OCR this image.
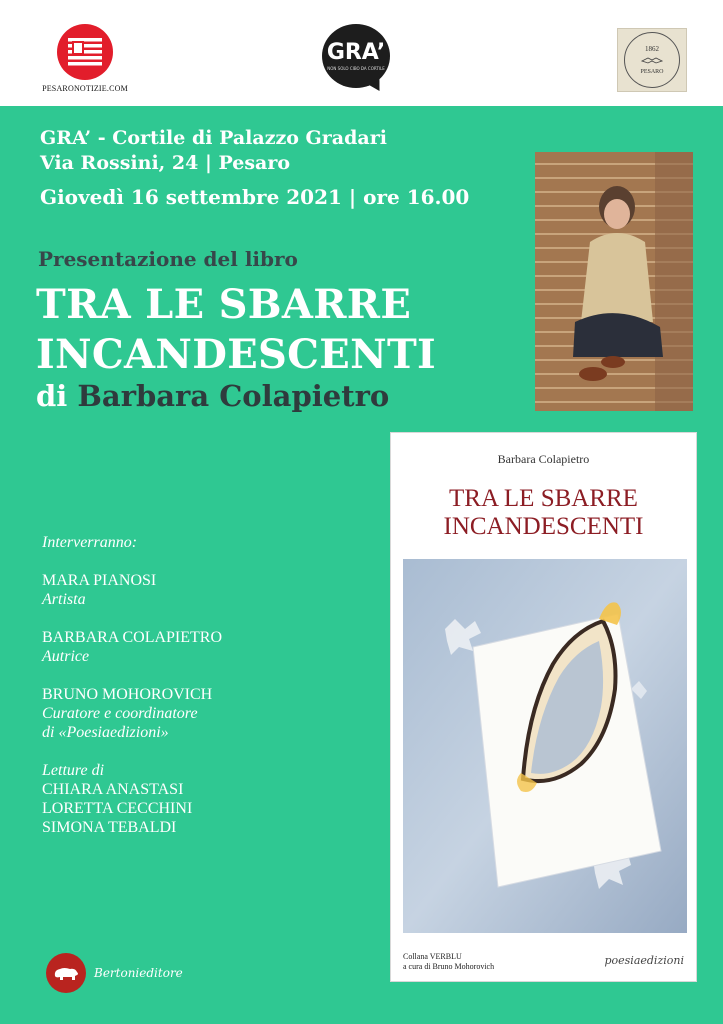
PESARONOTIZIE.COM
GRA’
NON SOLO CIBO DA CORTILE
1862
PESARO
GRA’ - Cortile di Palazzo Gradari
Via Rossini, 24 | Pesaro
Giovedì 16 settembre 2021 | ore 16.00
Presentazione del libro
TRA LE SBARRE
INCANDESCENTI
di Barbara Colapietro
Interverranno:
MARA PIANOSI
Artista
BARBARA COLAPIETRO
Autrice
BRUNO MOHOROVICH
Curatore e coordinatore
di «Poesiaedizioni»
Letture di
CHIARA ANASTASI
LORETTA CECCHINI
SIMONA TEBALDI
Bertonieditore
Barbara Colapietro
TRA LE SBARRE
INCANDESCENTI
Collana VERBLU
a cura di Bruno Mohorovich	poesiaedizioni
